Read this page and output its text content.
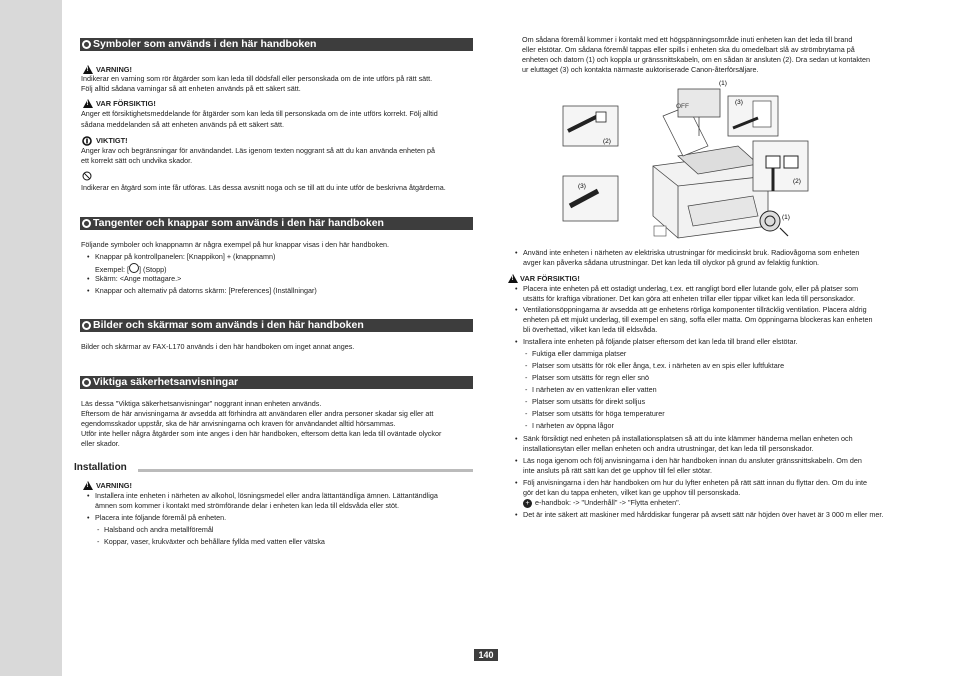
Symboler som används i den här handboken
!
VARNING!
Indikerar en varning som rör åtgärder som kan leda till dödsfall eller personskada om de inte utförs på rätt sätt.
Följ alltid sådana varningar så att enheten används på ett säkert sätt.
!
VAR FÖRSIKTIG!
Anger ett försiktighetsmeddelande för åtgärder som kan leda till personskada om de inte utförs korrekt. Följ alltid
sådana meddelanden så att enheten används på ett säkert sätt.
VIKTIGT!
Anger krav och begränsningar för användandet. Läs igenom texten noggrant så att du kan använda enheten på
ett korrekt sätt och undvika skador.
Indikerar en åtgärd som inte får utföras. Läs dessa avsnitt noga och se till att du inte utför de beskrivna åtgärderna.
Tangenter och knappar som används i den här handboken
Följande symboler och knappnamn är några exempel på hur knappar visas i den här handboken.
• Knappar på kontrollpanelen: [Knappikon] + (knappnamn)
Exempel: [ ] (Stopp)
• Skärm: <Ange mottagare.>
• Knappar och alternativ på datorns skärm: [Preferences] (Inställningar)
Bilder och skärmar som används i den här handboken
Bilder och skärmar av FAX-L170 används i den här handboken om inget annat anges.
Viktiga säkerhetsanvisningar
Läs dessa "Viktiga säkerhetsanvisningar" noggrant innan enheten används.
Eftersom de här anvisningarna är avsedda att förhindra att användaren eller andra personer skadar sig eller att
egendomsskador uppstår, ska de här anvisningarna och kraven för användandet alltid hörsammas.
Utför inte heller några åtgärder som inte anges i den här handboken, eftersom detta kan leda till oväntade olyckor
eller skador.
Installation
!
VARNING!
• Installera inte enheten i närheten av alkohol, lösningsmedel eller andra lättantändliga ämnen. Lättantändliga
ämnen som kommer i kontakt med strömförande delar i enheten kan leda till eldsvåda eller stöt.
• Placera inte följande föremål på enheten.
- Halsband och andra metallföremål
- Koppar, vaser, krukväxter och behållare fyllda med vatten eller vätska
Om sådana föremål kommer i kontakt med ett högspänningsområde inuti enheten kan det leda till brand
eller elstötar. Om sådana föremål tappas eller spills i enheten ska du omedelbart slå av strömbrytarna på
enheten och datorn (1) och koppla ur gränssnittskabeln, om en sådan är ansluten (2). Dra sedan ut kontakten
ur eluttaget (3) och kontakta närmaste auktoriserade Canon-återförsäljare.
OFF
(1)
(3)
(2)
(3)
(2)
(1)
• Använd inte enheten i närheten av elektriska utrustningar för medicinskt bruk. Radiovågorna som enheten
avger kan påverka sådana utrustningar. Det kan leda till olyckor på grund av felaktig funktion.
!
VAR FÖRSIKTIG!
• Placera inte enheten på ett ostadigt underlag, t.ex. ett rangligt bord eller lutande golv, eller på platser som
utsätts för kraftiga vibrationer. Det kan göra att enheten trillar eller tippar vilket kan leda till personskador.
• Ventilationsöppningarna är avsedda att ge enhetens rörliga komponenter tillräcklig ventilation. Placera aldrig
enheten på ett mjukt underlag, till exempel en säng, soffa eller matta. Om öppningarna blockeras kan enheten
bli överhettad, vilket kan leda till eldsvåda.
• Installera inte enheten på följande platser eftersom det kan leda till brand eller elstötar.
- Fuktiga eller dammiga platser
- Platser som utsätts för rök eller ånga, t.ex. i närheten av en spis eller luftfuktare
- Platser som utsätts för regn eller snö
- I närheten av en vattenkran eller vatten
- Platser som utsätts för direkt solljus
- Platser som utsätts för höga temperaturer
- I närheten av öppna lågor
• Sänk försiktigt ned enheten på installationsplatsen så att du inte klämmer händerna mellan enheten och
installationsytan eller mellan enheten och andra utrustningar, det kan leda till personskador.
• Läs noga igenom och följ anvisningarna i den här handboken innan du ansluter gränssnittskabeln. Om den
inte ansluts på rätt sätt kan det ge upphov till fel eller stötar.
• Följ anvisningarna i den här handboken om hur du lyfter enheten på rätt sätt innan du flyttar den. Om du inte
gör det kan du tappa enheten, vilket kan ge upphov till personskada.
+ e-handbok: -> "Underhåll" -> "Flytta enheten".
• Det är inte säkert att maskiner med hårddiskar fungerar på avsett sätt när höjden över havet är 3 000 m eller mer.
140
